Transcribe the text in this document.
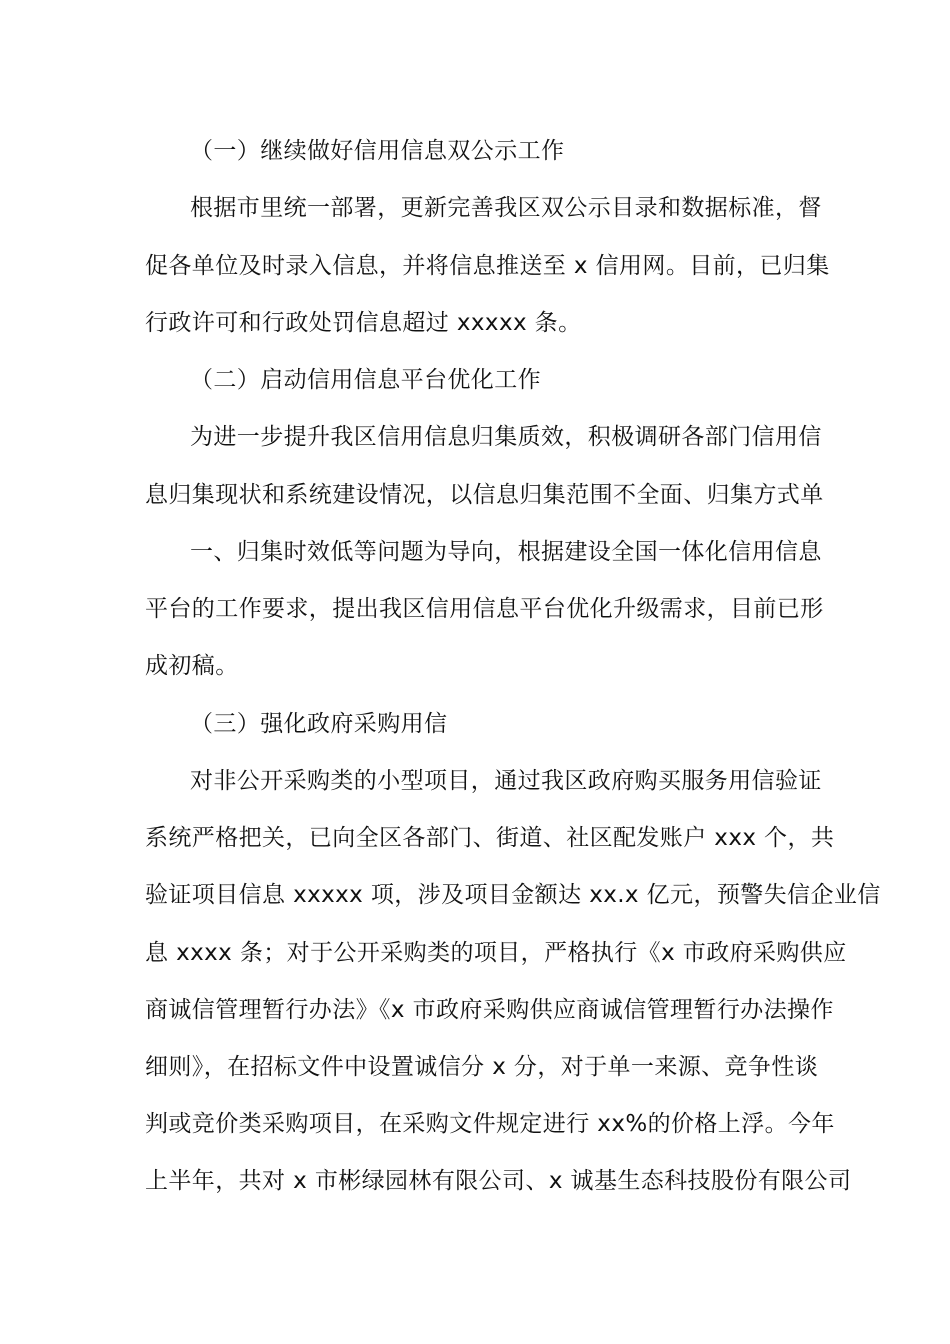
（一）继续做好信用信息双公示工作
根据市里统一部署，更新完善我区双公示目录和数据标准，督
促各单位及时录入信息，并将信息推送至 x 信用网。目前，已归集
行政许可和行政处罚信息超过 xxxxx 条。
（二）启动信用信息平台优化工作
为进一步提升我区信用信息归集质效，积极调研各部门信用信
息归集现状和系统建设情况，以信息归集范围不全面、归集方式单
一、归集时效低等问题为导向，根据建设全国一体化信用信息
平台的工作要求，提出我区信用信息平台优化升级需求，目前已形
成初稿。
（三）强化政府采购用信
对非公开采购类的小型项目，通过我区政府购买服务用信验证
系统严格把关，已向全区各部门、街道、社区配发账户 xxx 个，共
验证项目信息 xxxxx 项，涉及项目金额达 xx.x 亿元，预警失信企业信
息 xxxx 条；对于公开采购类的项目，严格执行《x 市政府采购供应
商诚信管理暂行办法》《x 市政府采购供应商诚信管理暂行办法操作
细则》，在招标文件中设置诚信分 x 分，对于单一来源、竞争性谈
判或竞价类采购项目，在采购文件规定进行 xx%的价格上浮。今年
上半年，共对 x 市彬绿园林有限公司、x 诚基生态科技股份有限公司
